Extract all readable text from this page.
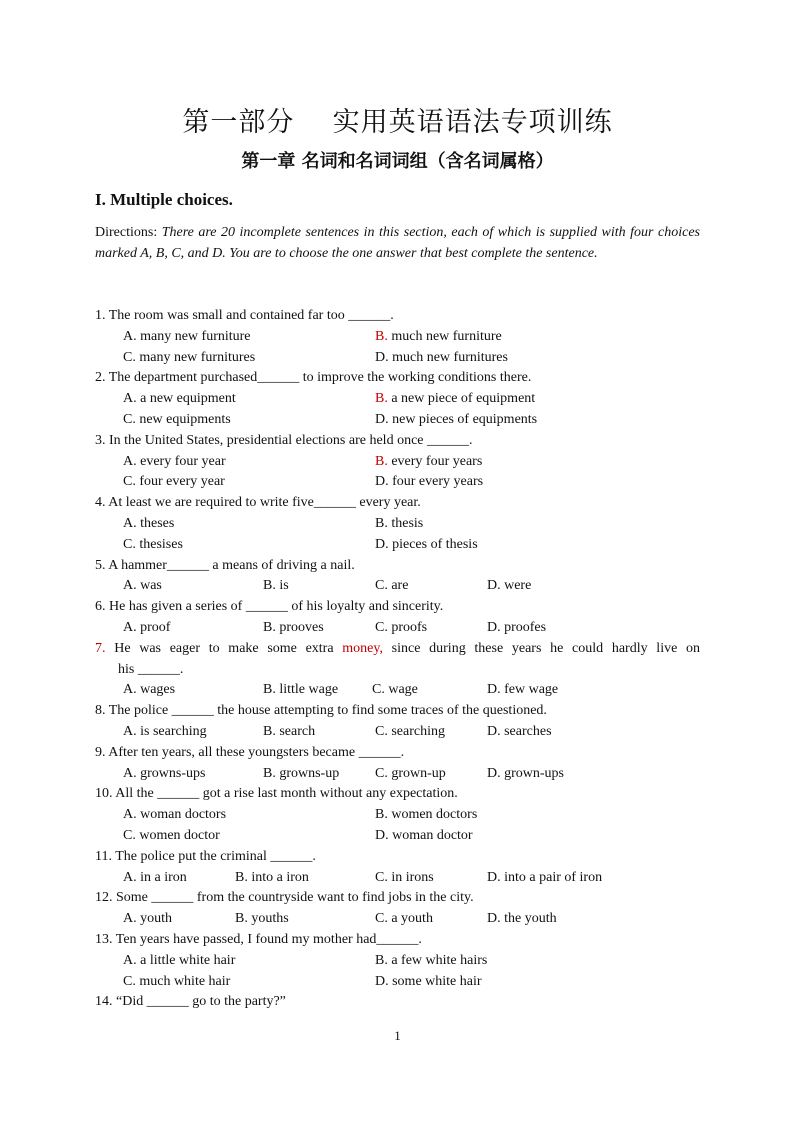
第一部分    实用英语语法专项训练
第一章 名词和名词词组（含名词属格）
I. Multiple choices.
Directions: There are 20 incomplete sentences in this section, each of which is supplied with four choices marked A, B, C, and D. You are to choose the one answer that best complete the sentence.
1. The room was small and contained far too ______.
A. many new furniture	B. much new furniture
C. many new furnitures	D. much new furnitures
2. The department purchased______ to improve the working conditions there.
A. a new equipment	B. a new piece of equipment
C. new equipments	D. new pieces of equipments
3. In the United States, presidential elections are held once ______.
A. every four year	B. every four years
C. four every year	D. four every years
4. At least we are required to write five______ every year.
A. theses	B. thesis
C. thesises	D. pieces of thesis
5. A hammer______ a means of driving a nail.
A. was	B. is	C. are	D. were
6. He has given a series of ______ of his loyalty and sincerity.
A. proof	B. prooves	C. proofs	D. proofes
7. He was eager to make some extra money, since during these years he could hardly live on
his ______.
A. wages	B. little wage C. wage	D. few wage
8. The police ______ the house attempting to find some traces of the questioned.
A. is searching	B. search	C. searching	D. searches
9. After ten years, all these youngsters became ______.
A. growns-ups	B. growns-up	C. grown-up	D. grown-ups
10. All the ______ got a rise last month without any expectation.
A. woman doctors	B. women doctors
C. women doctor	D. woman doctor
11. The police put the criminal ______.
A. in a iron	B. into a iron	C. in irons	D. into a pair of iron
12. Some ______ from the countryside want to find jobs in the city.
A. youth	B. youths	C. a youth	D. the youth
13. Ten years have passed, I found my mother had______.
A. a little white hair	B. a few white hairs
C. much white hair	D. some white hair
14. “Did ______ go to the party?”
1
